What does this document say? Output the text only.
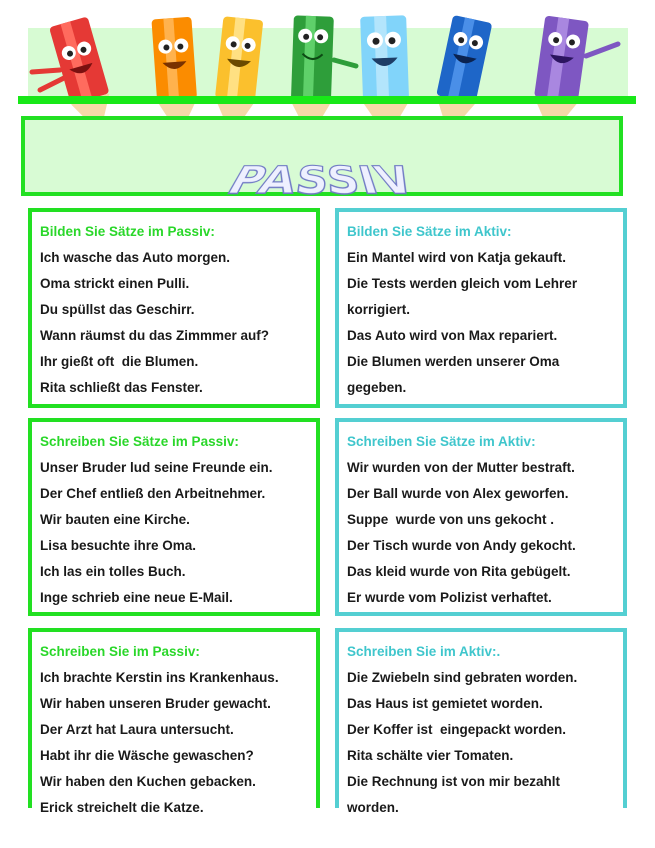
PASSIV
Bilden Sie Sätze im Passiv:
Ich wasche das Auto morgen.
Oma strickt einen Pulli.
Du spüllst das Geschirr.
Wann räumst du das Zimmmer auf?
Ihr gießt oft  die Blumen.
Rita schließt das Fenster.
Bilden Sie Sätze im Aktiv:
Ein Mantel wird von Katja gekauft.
Die Tests werden gleich vom Lehrer
korrigiert.
Das Auto wird von Max repariert.
Die Blumen werden unserer Oma
gegeben.
Schreiben Sie Sätze im Passiv:
Unser Bruder lud seine Freunde ein.
Der Chef entließ den Arbeitnehmer.
Wir bauten eine Kirche.
Lisa besuchte ihre Oma.
Ich las ein tolles Buch.
Inge schrieb eine neue E-Mail.
Schreiben Sie Sätze im Aktiv:
Wir wurden von der Mutter bestraft.
Der Ball wurde von Alex geworfen.
Suppe  wurde von uns gekocht .
Der Tisch wurde von Andy gekocht.
Das kleid wurde von Rita gebügelt.
Er wurde vom Polizist verhaftet.
Schreiben Sie im Passiv:
Ich brachte Kerstin ins Krankenhaus.
Wir haben unseren Bruder gewacht.
Der Arzt hat Laura untersucht.
Habt ihr die Wäsche gewaschen?
Wir haben den Kuchen gebacken.
Erick streichelt die Katze.
Schreiben Sie im Aktiv:.
Die Zwiebeln sind gebraten worden.
Das Haus ist gemietet worden.
Der Koffer ist  eingepackt worden.
Rita schälte vier Tomaten.
Die Rechnung ist von mir bezahlt
worden.
